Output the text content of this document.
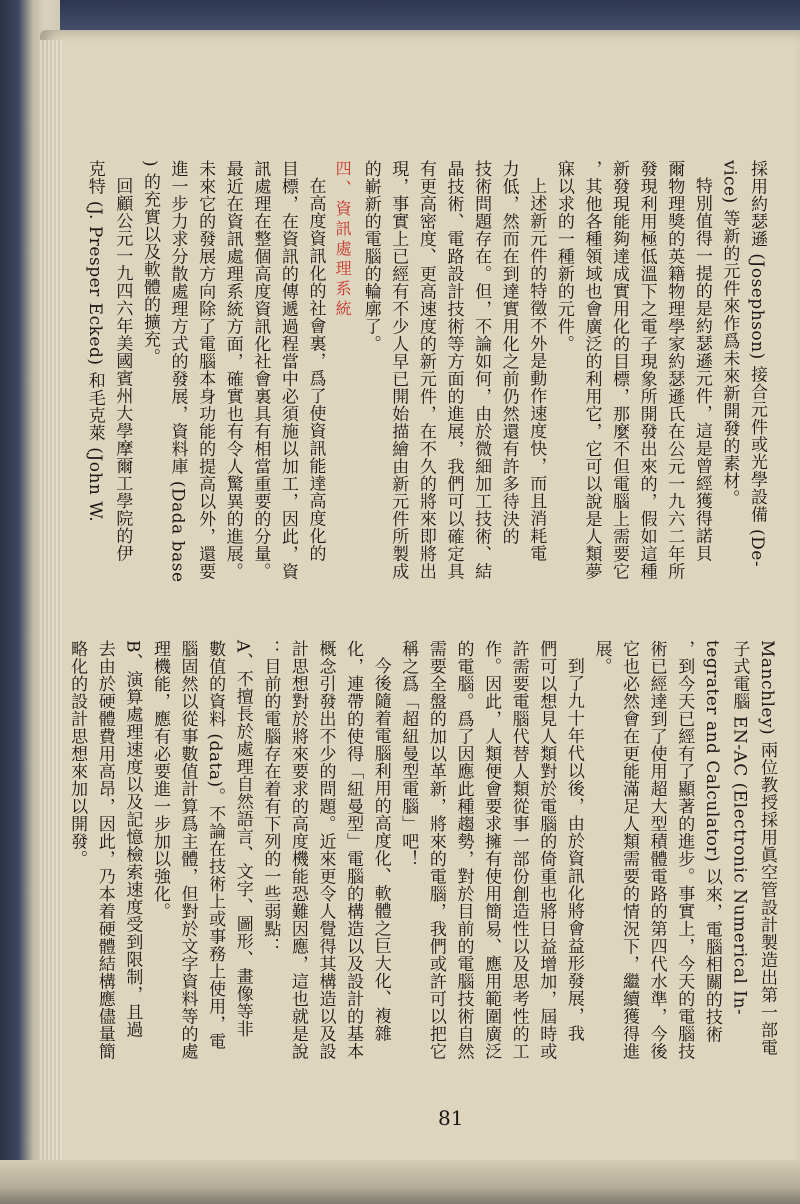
採用約瑟遜 (Josephson) 接合元件或光學設備 (De-
vice) 等新的元件來作爲未來新開發的素材。
特別值得一提的是約瑟遜元件，這是曾經獲得諾貝
爾物理獎的英籍物理學家約瑟遜氏在公元一九六二年所
發現利用極低溫下之電子現象所開發出來的，假如這種
新發現能夠達成實用化的目標，那麼不但電腦上需要它
，其他各種領域也會廣泛的利用它，它可以說是人類夢
寐以求的一種新的元件。
上述新元件的特徵不外是動作速度快，而且消耗電
力低，然而在到達實用化之前仍然還有許多待決的
技術問題存在。但，不論如何，由於微細加工技術、結
晶技術、電路設計技術等方面的進展，我們可以確定具
有更高密度、更高速度的新元件，在不久的將來即將出
現，事實上已經有不少人早已開始描繪由新元件所製成
的嶄新的電腦的輪廓了。
四、資訊處理系統
在高度資訊化的社會裏，爲了使資訊能達高度化的
目標，在資訊的傳遞過程當中必須施以加工，因此，資
訊處理在整個高度資訊化社會裏具有相當重要的分量。
最近在資訊處理系統方面，確實也有令人驚異的進展。
未來它的發展方向除了電腦本身功能的提高以外，還要
進一步力求分散處理方式的發展，資料庫 (Dada base
) 的充實以及軟體的擴充。
回顧公元一九四六年美國賓州大學摩爾工學院的伊
克特 (J. Presper Ecked) 和毛克萊 (John W.
Manchley) 兩位教授採用眞空管設計製造出第一部電
子式電腦 EN-AC (Electronic Numerical In-
tegrater and Calculator) 以來，電腦相關的技術
，到今天已經有了顯著的進步。事實上，今天的電腦技
術已經達到了使用超大型積體電路的第四代水準，今後
它也必然會在更能滿足人類需要的情況下，繼續獲得進
展。
到了九十年代以後，由於資訊化將會益形發展，我
們可以想見人類對於電腦的倚重也將日益增加，屆時或
許需要電腦代替人類從事一部份創造性以及思考性的工
作。因此，人類便會要求擁有使用簡易、應用範圍廣泛
的電腦。爲了因應此種趨勢，對於目前的電腦技術自然
需要全盤的加以革新，將來的電腦，我們或許可以把它
稱之爲「超紐曼型電腦」吧！
今後隨着電腦利用的高度化、軟體之巨大化、複雜
化，連帶的使得「紐曼型」電腦的構造以及設計的基本
概念引發出不少的問題。近來更令人覺得其構造以及設
計思想對於將來要求的高度機能恐難因應，這也就是說
：目前的電腦存在着有下列的一些弱點：
A、不擅長於處理自然語言、文字、圖形、畫像等非
數值的資料 (data)。不論在技術上或事務上使用，電
腦固然以從事數值計算爲主體，但對於文字資料等的處
理機能，應有必要進一步加以強化。
B、演算處理速度以及記憶檢索速度受到限制，且過
去由於硬體費用高昂，因此，乃本着硬體結構應儘量簡
略化的設計思想來加以開發。
81
